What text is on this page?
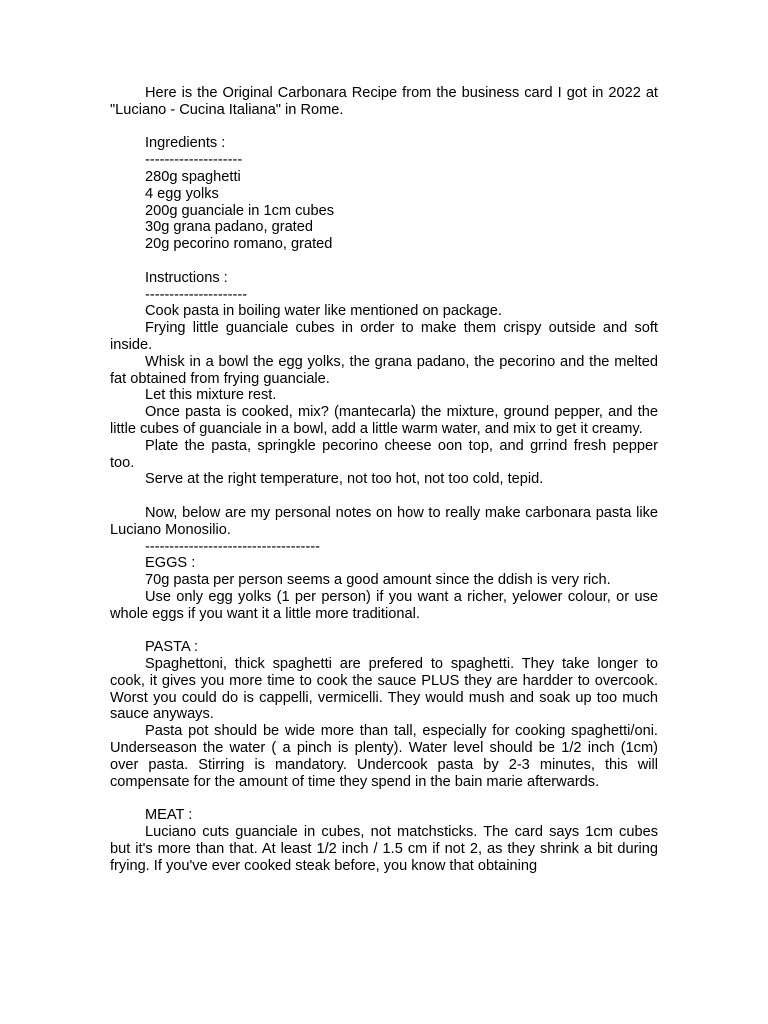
Here is the Original Carbonara Recipe from the business card I got in 2022 at "Luciano - Cucina Italiana" in Rome.

Ingredients :

--------------------

280g spaghetti

4 egg yolks

200g guanciale in 1cm cubes

30g grana padano, grated

20g pecorino romano, grated

Instructions :

---------------------

Cook pasta in boiling water like mentioned on package.

Frying little guanciale cubes in order to make them crispy outside and soft inside.

Whisk in a bowl the egg yolks, the grana padano, the pecorino and the melted fat obtained from frying guanciale.

Let this mixture rest.

Once pasta is cooked, mix? (mantecarla) the mixture, ground pepper, and the little cubes of guanciale in a bowl, add a little warm water, and mix to get it creamy.

Plate the pasta, springkle pecorino cheese oon top, and grrind fresh pepper too.

Serve at the right temperature, not too hot, not too cold, tepid.

Now, below are my personal notes on how to really make carbonara pasta like Luciano Monosilio.

------------------------------------

EGGS :

70g pasta per person seems a good amount since the ddish is very rich.

Use only egg yolks (1 per person) if you want a richer, yelower colour, or use whole eggs if you want it a little more traditional.

PASTA :

Spaghettoni, thick spaghetti are prefered to spaghetti. They take longer to cook, it gives you more time to cook the sauce PLUS they are hardder to overcook. Worst you could do is cappelli, vermicelli. They would mush and soak up too much sauce anyways.

Pasta pot should be wide more than tall, especially for cooking spaghetti/oni. Underseason the water ( a pinch is plenty). Water level should be 1/2 inch (1cm) over pasta. Stirring is mandatory. Undercook pasta by 2-3 minutes, this will compensate for the amount of time they spend in the bain marie afterwards.

MEAT :

Luciano cuts guanciale in cubes, not matchsticks. The card says 1cm cubes but it's more than that. At least 1/2 inch / 1.5 cm if not 2, as they shrink a bit during frying. If you've ever cooked steak before, you know that obtaining
